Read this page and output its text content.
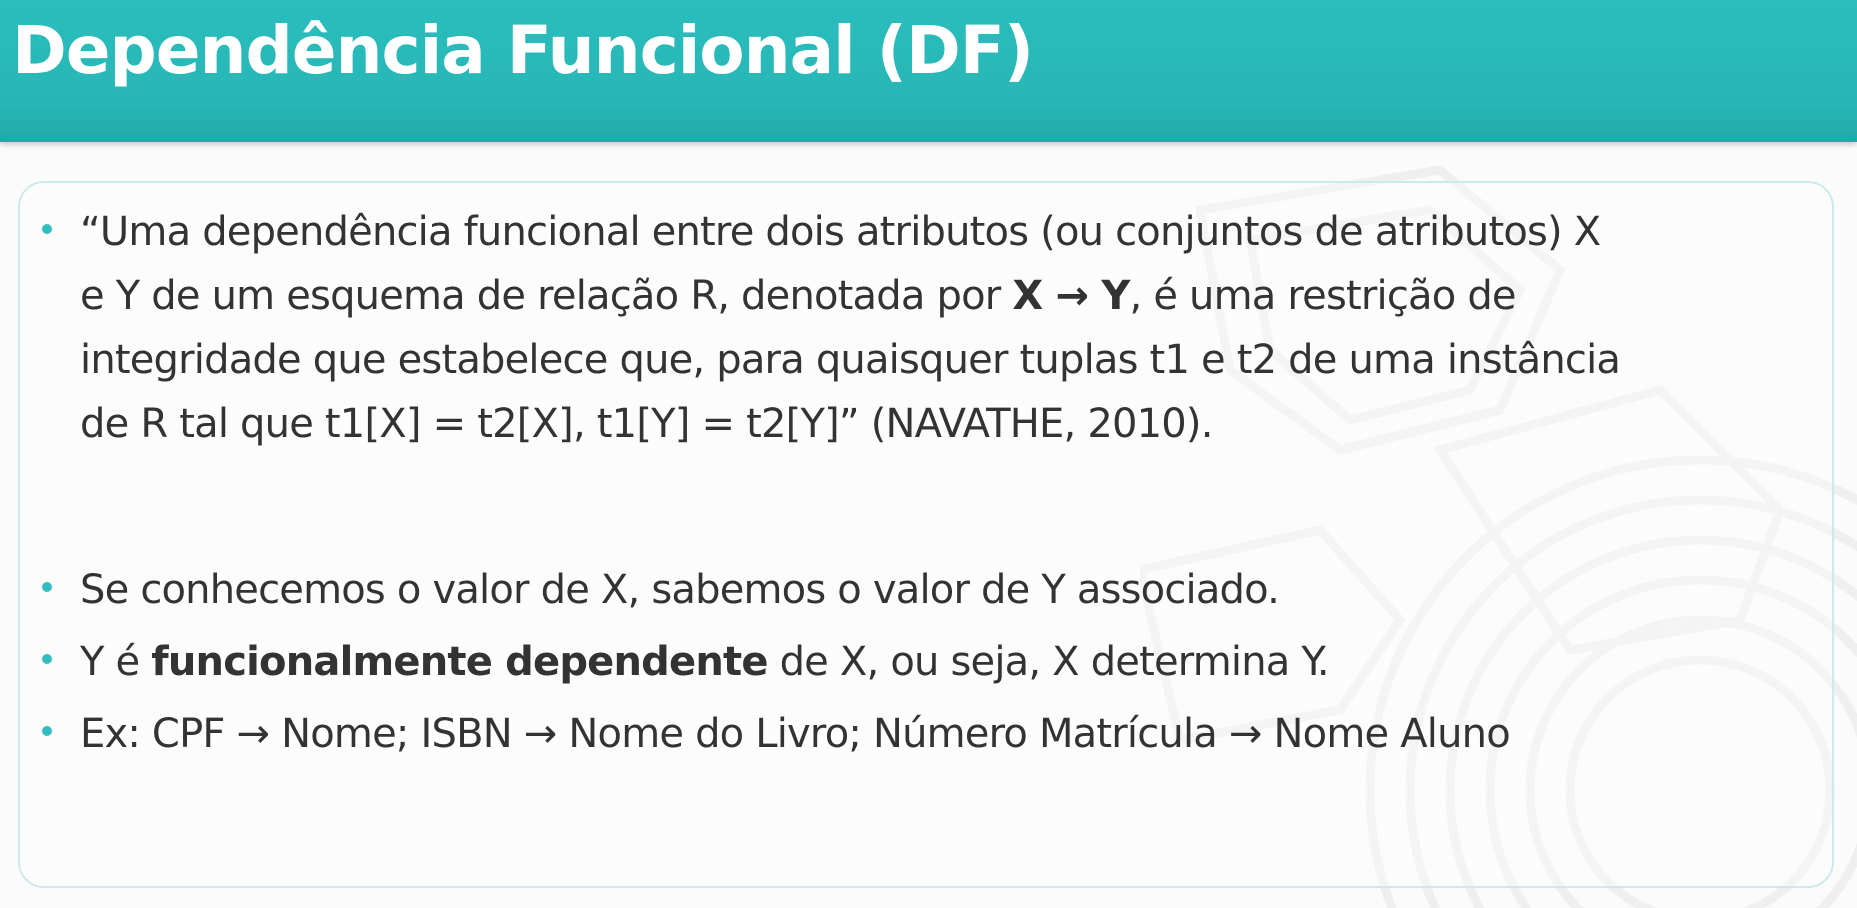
Dependência Funcional (DF)
“Uma dependência funcional entre dois atributos (ou conjuntos de atributos) X
e Y de um esquema de relação R, denotada por X → Y, é uma restrição de
integridade que estabelece que, para quaisquer tuplas t1 e t2 de uma instância
de R tal que t1[X] = t2[X], t1[Y] = t2[Y]” (NAVATHE, 2010).
Se conhecemos o valor de X, sabemos o valor de Y associado.
Y é funcionalmente dependente de X, ou seja, X determina Y.
Ex: CPF → Nome; ISBN → Nome do Livro; Número Matrícula → Nome Aluno
